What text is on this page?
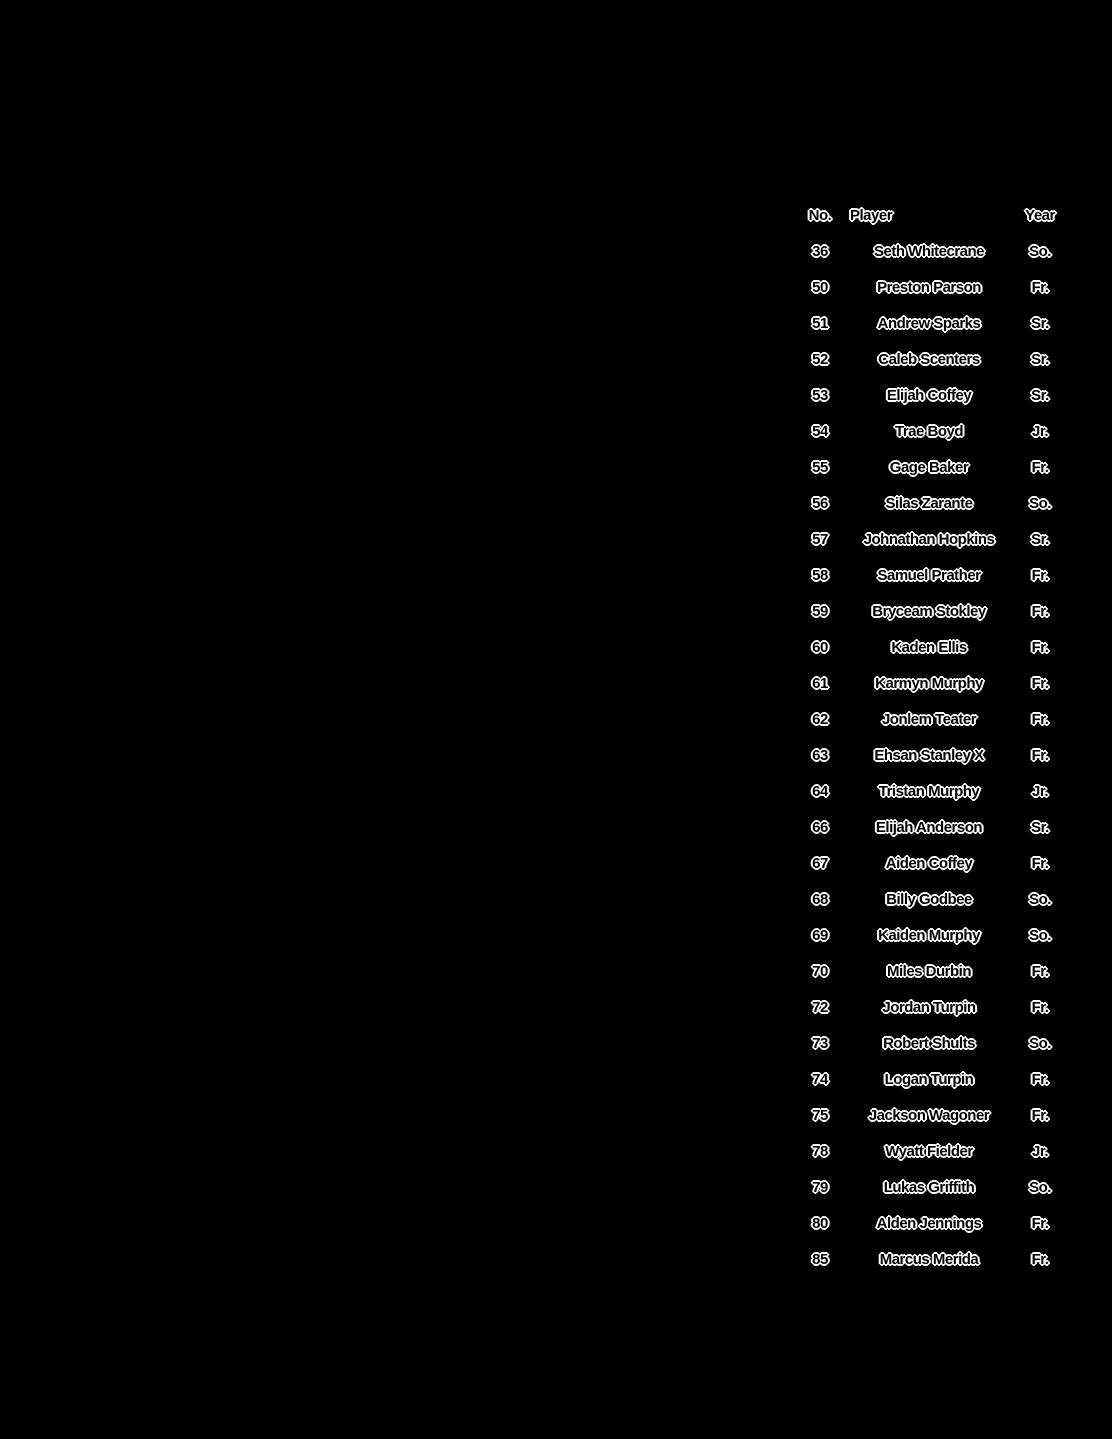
No.	Player	Year
36	Seth Whitecrane	So.
50	Preston Parson	Fr.
51	Andrew Sparks	Sr.
52	Caleb Scenters	Sr.
53	Elijah Coffey	Sr.
54	Trae Boyd	Jr.
55	Gage Baker	Fr.
56	Silas Zarante	So.
57	Johnathan Hopkins	Sr.
58	Samuel Prather	Fr.
59	Bryceam Stokley	Fr.
60	Kaden Ellis	Fr.
61	Karmyn Murphy	Fr.
62	Jonlem Teater	Fr.
63	Ehsan Stanley X	Fr.
64	Tristan Murphy	Jr.
66	Elijah Anderson	Sr.
67	Aiden Coffey	Fr.
68	Billy Godbee	So.
69	Kaiden Murphy	So.
70	Miles Durbin	Fr.
72	Jordan Turpin	Fr.
73	Robert Shults	So.
74	Logan Turpin	Fr.
75	Jackson Wagoner	Fr.
78	Wyatt Fielder	Jr.
79	Lukas Griffith	So.
80	Alden Jennings	Fr.
85	Marcus Merida	Fr.
